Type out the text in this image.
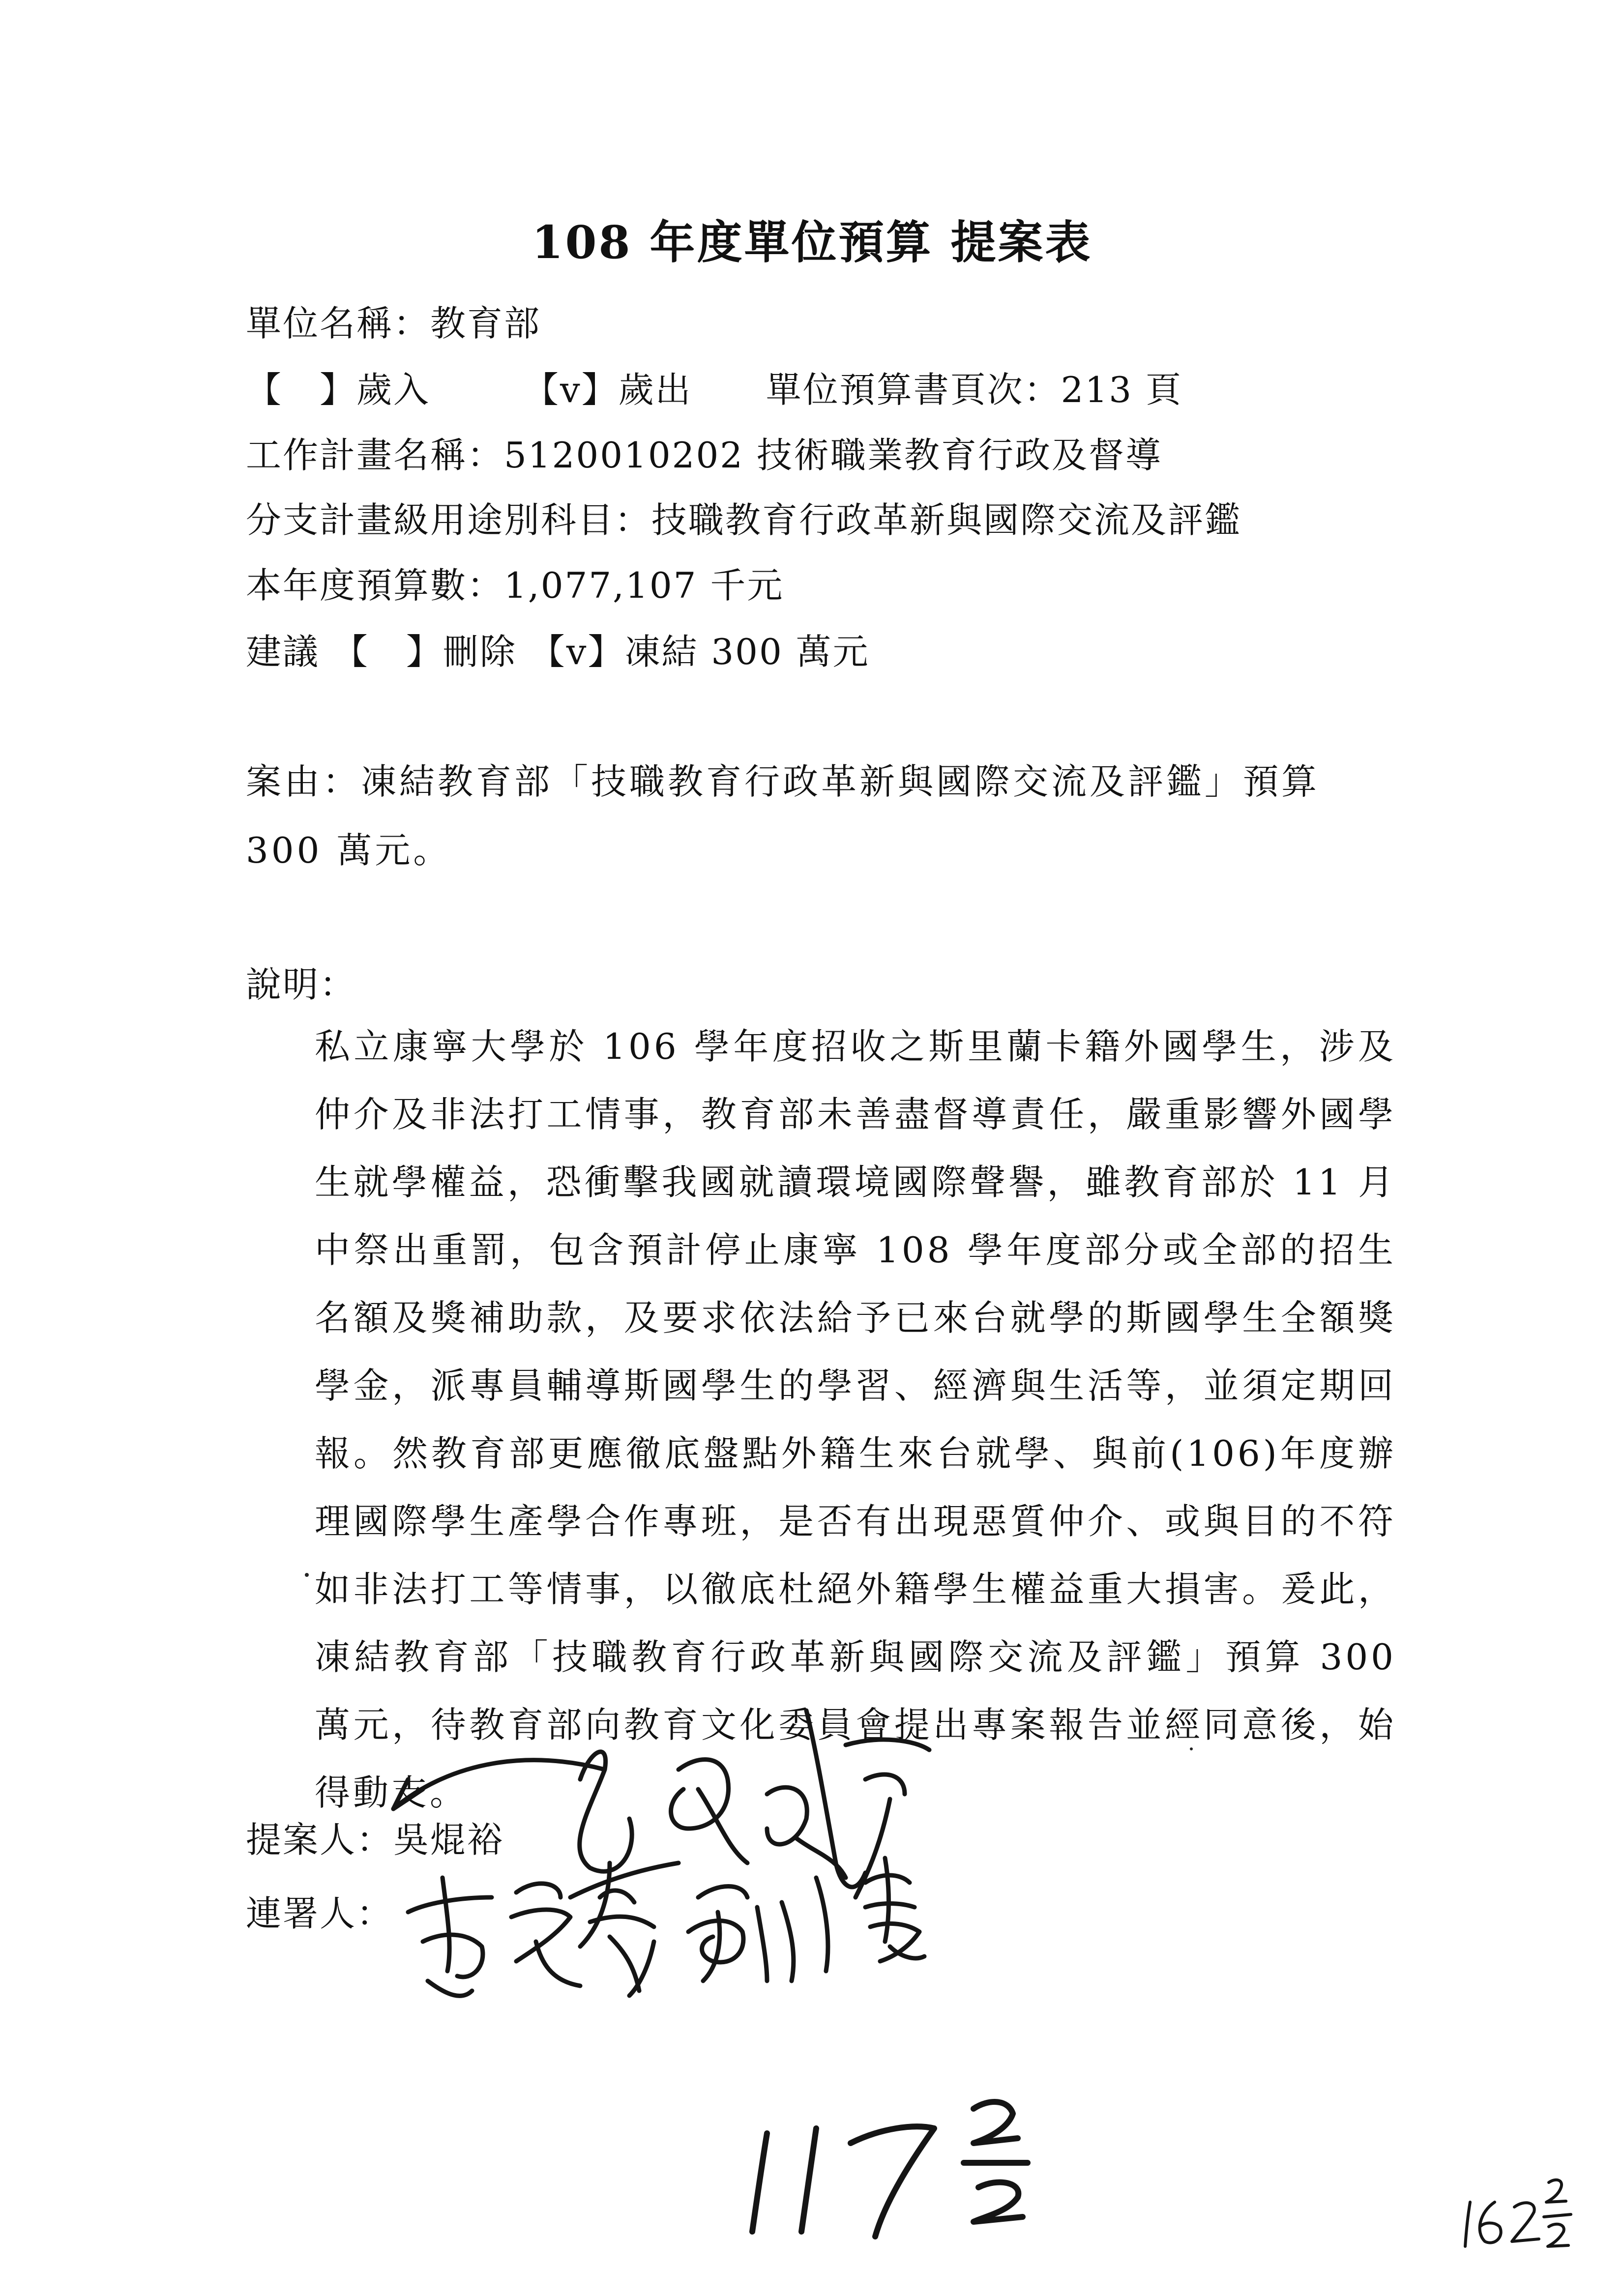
108 年度單位預算 提案表
單位名稱：教育部
【　】歲入　　　【v】歲出　　單位預算書頁次：213 頁
工作計畫名稱：5120010202 技術職業教育行政及督導
分支計畫級用途別科目：技職教育行政革新與國際交流及評鑑
本年度預算數：1,077,107 千元
建議 【　】刪除 【v】凍結 300 萬元
案由：凍結教育部「技職教育行政革新與國際交流及評鑑」預算 300 萬元。
說明：
私立康寧大學於 106 學年度招收之斯里蘭卡籍外國學生，涉及仲介及非法打工情事，教育部未善盡督導責任，嚴重影響外國學生就學權益，恐衝擊我國就讀環境國際聲譽，雖教育部於 11 月中祭出重罰，包含預計停止康寧 108 學年度部分或全部的招生名額及獎補助款，及要求依法給予已來台就學的斯國學生全額獎學金，派專員輔導斯國學生的學習、經濟與生活等，並須定期回報。然教育部更應徹底盤點外籍生來台就學、與前(106)年度辦理國際學生產學合作專班，是否有出現惡質仲介、或與目的不符如非法打工等情事，以徹底杜絕外籍學生權益重大損害。爰此，凍結教育部「技職教育行政革新與國際交流及評鑑」預算 300 萬元，待教育部向教育文化委員會提出專案報告並經同意後，始得動支。
提案人：吳焜裕
連署人：
